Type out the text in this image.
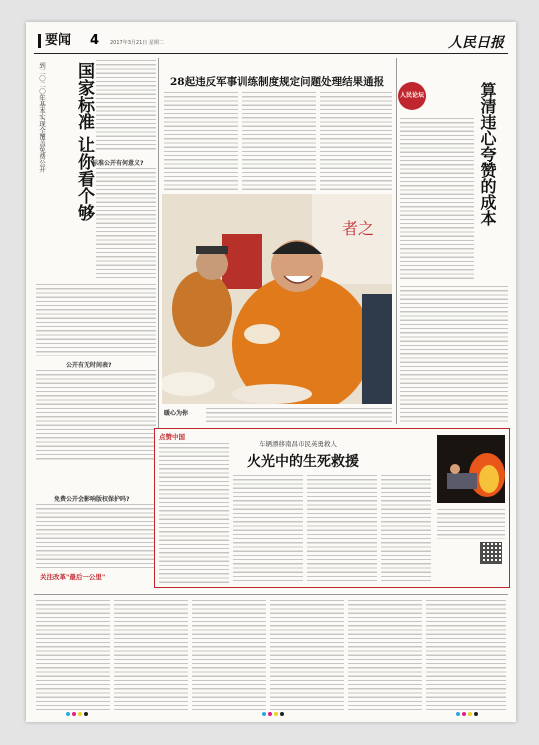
要闻 4 2017年3月21日 星期二	人民日报
到二〇二〇年基本实现全覆盖免费公开	国家标准 让你看个够
标准公开有何意义?
公开有无时间表?
免费公开会影响版权保护吗?
关注改革"最后一公里"
28起违反军事训练制度规定问题处理结果通报
者之
暖心为你
人民论坛	算清违心夸赞的成本
点赞中国
车辆漂移南昌市民英勇救人
火光中的生死救援
